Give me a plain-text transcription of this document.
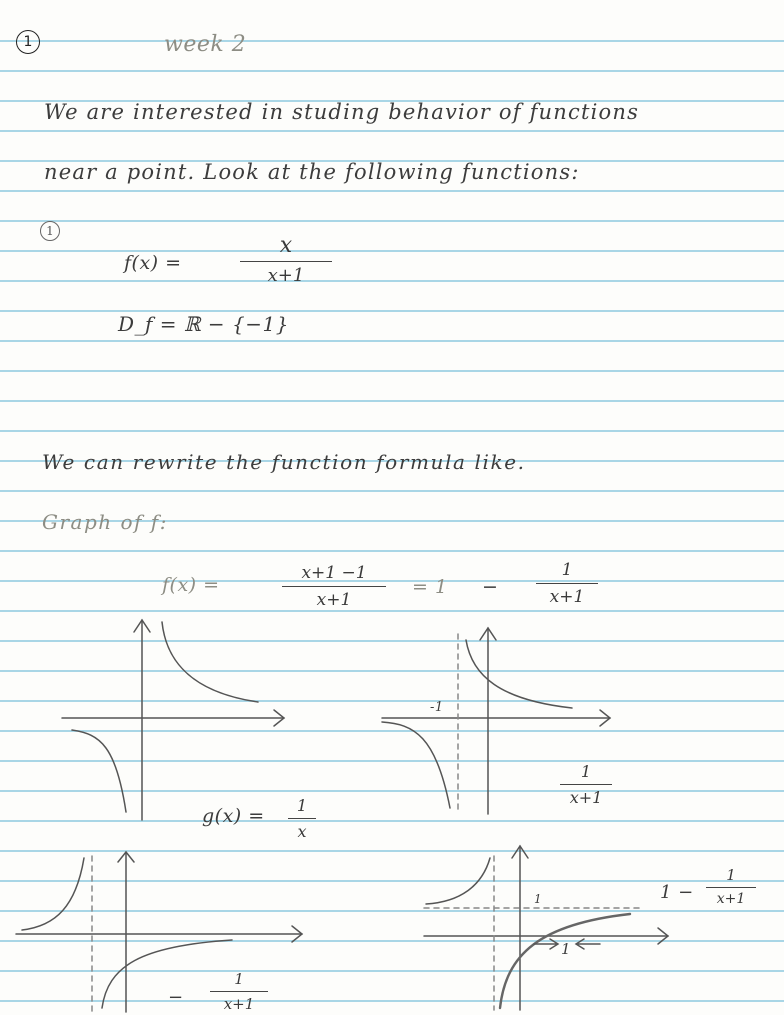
1	week 2
We are interested in studing behavior of functions
near a point. Look at the following functions:
1
f(x) =
x
x+1
D_f = ℝ − {−1}
We can rewrite the function formula like.
Graph of f:
f(x) =
x+1 −1
x+1
= 1 −
1
x+1
g(x) = 1
x
-1
1
x+1
−
1
x+1
1
1
1 −
1
x+1
